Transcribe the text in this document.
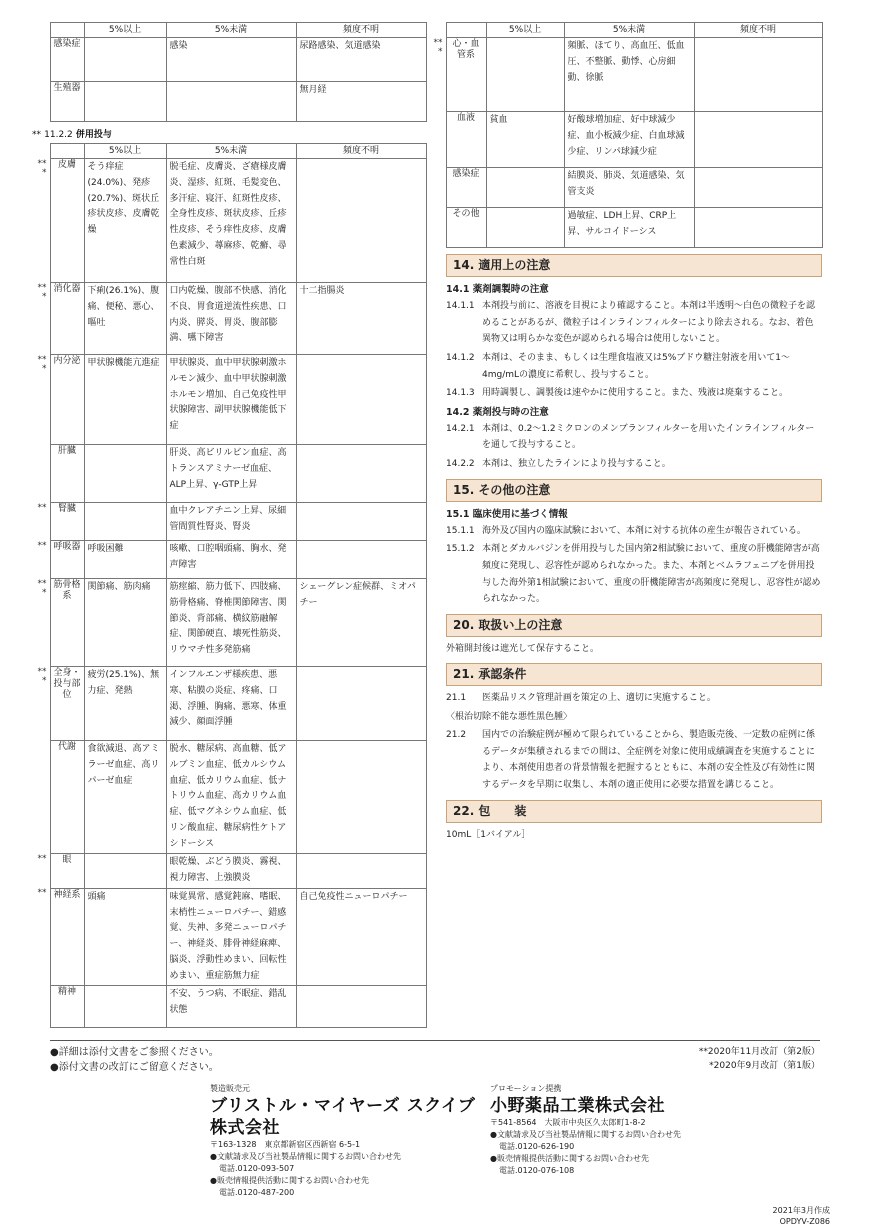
		5%以上	5%未満	頻度不明
	感染症		感染	尿路感染、気道感染
	生殖器			無月経
** 11.2.2 併用投与
		5%以上	5%未満	頻度不明
**
*	皮膚	そう痒症(24.0%)、発疹(20.7%)、斑状丘疹状皮疹、皮膚乾燥	脱毛症、皮膚炎、ざ瘡様皮膚炎、湿疹、紅斑、毛髪変色、多汗症、寝汗、紅斑性皮疹、全身性皮疹、斑状皮疹、丘疹性皮疹、そう痒性皮疹、皮膚色素減少、蕁麻疹、乾癬、尋常性白斑	
**
*	消化器	下痢(26.1%)、腹痛、便秘、悪心、嘔吐	口内乾燥、腹部不快感、消化不良、胃食道逆流性疾患、口内炎、膵炎、胃炎、腹部膨満、嚥下障害	十二指腸炎
**
*	内分泌	甲状腺機能亢進症	甲状腺炎、血中甲状腺刺激ホルモン減少、血中甲状腺刺激ホルモン増加、自己免疫性甲状腺障害、副甲状腺機能低下症	
	肝臓		肝炎、高ビリルビン血症、高トランスアミナーゼ血症、ALP上昇、γ-GTP上昇	
**	腎臓		血中クレアチニン上昇、尿細管間質性腎炎、腎炎	
**	呼吸器	呼吸困難	咳嗽、口腔咽頭痛、胸水、発声障害	
**
*	筋骨格系	関節痛、筋肉痛	筋痙縮、筋力低下、四肢痛、筋骨格痛、脊椎関節障害、関節炎、背部痛、横紋筋融解症、関節硬直、壊死性筋炎、リウマチ性多発筋痛	シェーグレン症候群、ミオパチー
**
*	全身・投与部位	疲労(25.1%)、無力症、発熱	インフルエンザ様疾患、悪寒、粘膜の炎症、疼痛、口渇、浮腫、胸痛、悪寒、体重減少、顔面浮腫	
	代謝	食欲減退、高アミラーゼ血症、高リパーゼ血症	脱水、糖尿病、高血糖、低アルブミン血症、低カルシウム血症、低カリウム血症、低ナトリウム血症、高カリウム血症、低マグネシウム血症、低リン酸血症、糖尿病性ケトアシドーシス	
**	眼		眼乾燥、ぶどう膜炎、霧視、視力障害、上強膜炎	
**	神経系	頭痛	味覚異常、感覚鈍麻、嗜眠、末梢性ニューロパチー、錯感覚、失神、多発ニューロパチー、神経炎、腓骨神経麻痺、脳炎、浮動性めまい、回転性めまい、重症筋無力症	自己免疫性ニューロパチー
	精神		不安、うつ病、不眠症、錯乱状態	
		5%以上	5%未満	頻度不明
**
*	心・血管系		頻脈、ほてり、高血圧、低血圧、不整脈、動悸、心房細動、徐脈	
	血液	貧血	好酸球増加症、好中球減少症、血小板減少症、白血球減少症、リンパ球減少症	
	感染症		結膜炎、肺炎、気道感染、気管支炎	
	その他		過敏症、LDH上昇、CRP上昇、サルコイドーシス	
14. 適用上の注意
14.1 薬剤調製時の注意

14.1.1 本剤投与前に、溶液を目視により確認すること。本剤は半透明～白色の微粒子を認めることがあるが、微粒子はインラインフィルターにより除去される。なお、着色異物又は明らかな変色が認められる場合は使用しないこと。

14.1.2 本剤は、そのまま、もしくは生理食塩液又は5%ブドウ糖注射液を用いて1～4mg/mLの濃度に希釈し、投与すること。

14.1.3 用時調製し、調製後は速やかに使用すること。また、残液は廃棄すること。

14.2 薬剤投与時の注意

14.2.1 本剤は、0.2～1.2ミクロンのメンブランフィルターを用いたインラインフィルターを通して投与すること。

14.2.2 本剤は、独立したラインにより投与すること。

15. その他の注意
15.1 臨床使用に基づく情報

15.1.1 海外及び国内の臨床試験において、本剤に対する抗体の産生が報告されている。

15.1.2 本剤とダカルバジンを併用投与した国内第2相試験において、重度の肝機能障害が高頻度に発現し、忍容性が認められなかった。また、本剤とベムラフェニブを併用投与した海外第1相試験において、重度の肝機能障害が高頻度に発現し、忍容性が認められなかった。

20. 取扱い上の注意

外箱開封後は遮光して保存すること。

21. 承認条件

21.1 医薬品リスク管理計画を策定の上、適切に実施すること。

〈根治切除不能な悪性黒色腫〉

21.2 国内での治験症例が極めて限られていることから、製造販売後、一定数の症例に係るデータが集積されるまでの間は、全症例を対象に使用成績調査を実施することにより、本剤使用患者の背景情報を把握するとともに、本剤の安全性及び有効性に関するデータを早期に収集し、本剤の適正使用に必要な措置を講じること。

22. 包　　装

10mL［1バイアル］

●詳細は添付文書をご参照ください。
●添付文書の改訂にご留意ください。
**2020年11月改訂（第2版）
*2020年9月改訂（第1版）
製造販売元
ブリストル・マイヤーズ スクイブ株式会社
〒163-1328　東京都新宿区西新宿 6-5-1
●文献請求及び当社製品情報に関するお問い合わせ先
電話.0120-093-507
●販売情報提供活動に関するお問い合わせ先
電話.0120-487-200
プロモーション提携
小野薬品工業株式会社
〒541-8564　大阪市中央区久太郎町1-8-2
●文献請求及び当社製品情報に関するお問い合わせ先
電話.0120-626-190
●販売情報提供活動に関するお問い合わせ先
電話.0120-076-108
2021年3月作成
OPDYV-Z086
